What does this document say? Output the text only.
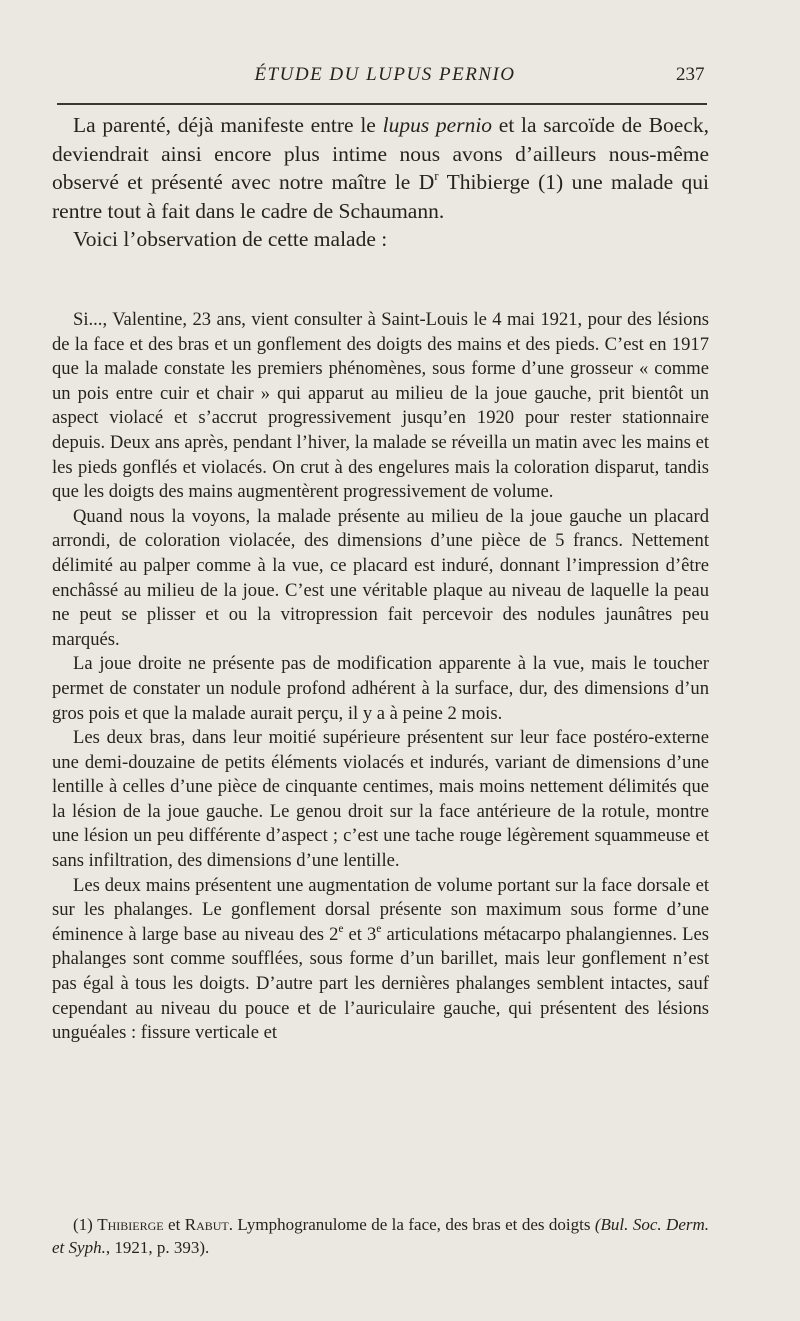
ÉTUDE DU LUPUS PERNIO	237

La parenté, déjà manifeste entre le lupus pernio et la sarcoïde de Boeck, deviendrait ainsi encore plus intime nous avons d’ailleurs nous-même observé et présenté avec notre maître le $D^r$ Thibierge (1) une malade qui rentre tout à fait dans le cadre de Schaumann.

Voici l’observation de cette malade :

Si..., Valentine, 23 ans, vient consulter à Saint-Louis le 4 mai 1921, pour des lésions de la face et des bras et un gonflement des doigts des mains et des pieds. C’est en 1917 que la malade constate les premiers phénomènes, sous forme d’une grosseur « comme un pois entre cuir et chair » qui apparut au milieu de la joue gauche, prit bientôt un aspect violacé et s’accrut progressivement jusqu’en 1920 pour rester stationnaire depuis. Deux ans après, pendant l’hiver, la malade se réveilla un matin avec les mains et les pieds gonflés et violacés. On crut à des engelures mais la coloration disparut, tandis que les doigts des mains augmentèrent progressivement de volume.

Quand nous la voyons, la malade présente au milieu de la joue gauche un placard arrondi, de coloration violacée, des dimensions d’une pièce de 5 francs. Nettement délimité au palper comme à la vue, ce placard est induré, donnant l’impression d’être enchâssé au milieu de la joue. C’est une véritable plaque au niveau de laquelle la peau ne peut se plisser et ou la vitropression fait percevoir des nodules jaunâtres peu marqués.

La joue droite ne présente pas de modification apparente à la vue, mais le toucher permet de constater un nodule profond adhérent à la surface, dur, des dimensions d’un gros pois et que la malade aurait perçu, il y a à peine 2 mois.

Les deux bras, dans leur moitié supérieure présentent sur leur face postéro-externe une demi-douzaine de petits éléments violacés et indurés, variant de dimensions d’une lentille à celles d’une pièce de cinquante centimes, mais moins nettement délimités que la lésion de la joue gauche. Le genou droit sur la face antérieure de la rotule, montre une lésion un peu différente d’aspect ; c’est une tache rouge légèrement squammeuse et sans infiltration, des dimensions d’une lentille.

Les deux mains présentent une augmentation de volume portant sur la face dorsale et sur les phalanges. Le gonflement dorsal présente son maximum sous forme d’une éminence à large base au niveau des 2e et 3e articulations métacarpo phalangiennes. Les phalanges sont comme soufflées, sous forme d’un barillet, mais leur gonflement n’est pas égal à tous les doigts. D’autre part les dernières phalanges semblent intactes, sauf cependant au niveau du pouce et de l’auriculaire gauche, qui présentent des lésions unguéales : fissure verticale et

(1) Thibierge et Rabut. Lymphogranulome de la face, des bras et des doigts (Bul. Soc. Derm. et Syph., 1921, p. 393).
